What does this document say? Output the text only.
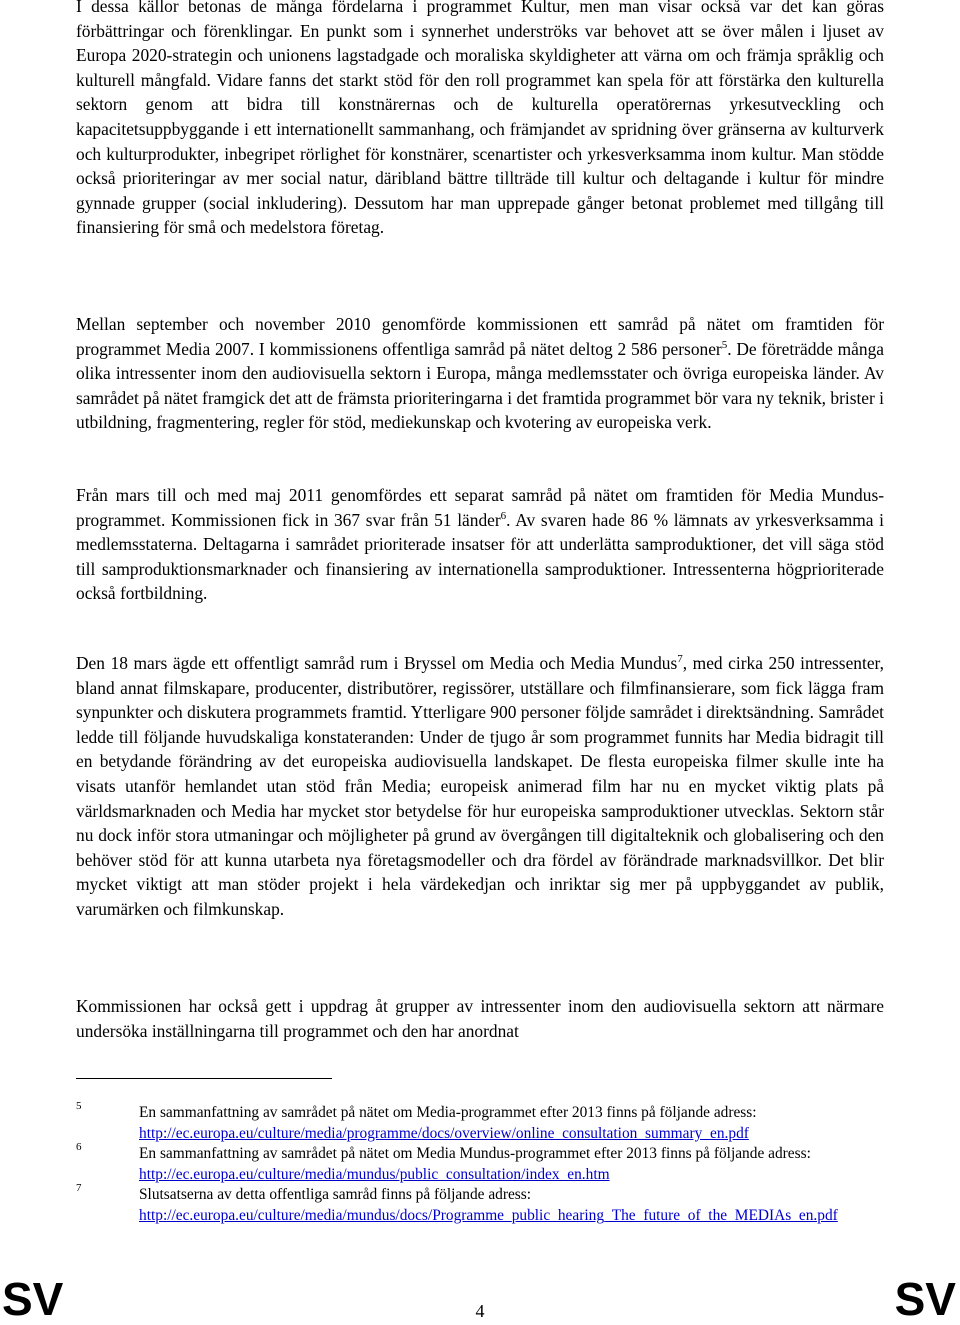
I dessa källor betonas de många fördelarna i programmet Kultur, men man visar också var det kan göras förbättringar och förenklingar. En punkt som i synnerhet underströks var behovet att se över målen i ljuset av Europa 2020-strategin och unionens lagstadgade och moraliska skyldigheter att värna om och främja språklig och kulturell mångfald. Vidare fanns det starkt stöd för den roll programmet kan spela för att förstärka den kulturella sektorn genom att bidra till konstnärernas och de kulturella operatörernas yrkesutveckling och kapacitetsuppbyggande i ett internationellt sammanhang, och främjandet av spridning över gränserna av kulturverk och kulturprodukter, inbegripet rörlighet för konstnärer, scenartister och yrkesverksamma inom kultur. Man stödde också prioriteringar av mer social natur, däribland bättre tillträde till kultur och deltagande i kultur för mindre gynnade grupper (social inkludering). Dessutom har man upprepade gånger betonat problemet med tillgång till finansiering för små och medelstora företag.

Mellan september och november 2010 genomförde kommissionen ett samråd på nätet om framtiden för programmet Media 2007. I kommissionens offentliga samråd på nätet deltog 2 586 personer$^5$. De företrädde många olika intressenter inom den audiovisuella sektorn i Europa, många medlemsstater och övriga europeiska länder. Av samrådet på nätet framgick det att de främsta prioriteringarna i det framtida programmet bör vara ny teknik, brister i utbildning, fragmentering, regler för stöd, mediekunskap och kvotering av europeiska verk.

Från mars till och med maj 2011 genomfördes ett separat samråd på nätet om framtiden för Media Mundus-programmet. Kommissionen fick in 367 svar från 51 länder$^6$. Av svaren hade 86 % lämnats av yrkesverksamma i medlemsstaterna. Deltagarna i samrådet prioriterade insatser för att underlätta samproduktioner, det vill säga stöd till samproduktionsmarknader och finansiering av internationella samproduktioner. Intressenterna högprioriterade också fortbildning.

Den 18 mars ägde ett offentligt samråd rum i Bryssel om Media och Media Mundus$^7$, med cirka 250 intressenter, bland annat filmskapare, producenter, distributörer, regissörer, utställare och filmfinansierare, som fick lägga fram synpunkter och diskutera programmets framtid. Ytterligare 900 personer följde samrådet i direktsändning. Samrådet ledde till följande huvudskaliga konstateranden: Under de tjugo år som programmet funnits har Media bidragit till en betydande förändring av det europeiska audiovisuella landskapet. De flesta europeiska filmer skulle inte ha visats utanför hemlandet utan stöd från Media; europeisk animerad film har nu en mycket viktig plats på världsmarknaden och Media har mycket stor betydelse för hur europeiska samproduktioner utvecklas. Sektorn står nu dock inför stora utmaningar och möjligheter på grund av övergången till digitalteknik och globalisering och den behöver stöd för att kunna utarbeta nya företagsmodeller och dra fördel av förändrade marknadsvillkor. Det blir mycket viktigt att man stöder projekt i hela värdekedjan och inriktar sig mer på uppbyggandet av publik, varumärken och filmkunskap.

Kommissionen har också gett i uppdrag åt grupper av intressenter inom den audiovisuella sektorn att närmare undersöka inställningarna till programmet och den har anordnat

5	En sammanfattning av samrådet på nätet om Media-programmet efter 2013 finns på följande adress:
http://ec.europa.eu/culture/media/programme/docs/overview/online_consultation_summary_en.pdf
6	En sammanfattning av samrådet på nätet om Media Mundus-programmet efter 2013 finns på följande adress: http://ec.europa.eu/culture/media/mundus/public_consultation/index_en.htm
7	Slutsatserna av detta offentliga samråd finns på följande adress:
http://ec.europa.eu/culture/media/mundus/docs/Programme_public_hearing_The_future_of_the_MEDIAs_en.pdf
SV	4	SV
